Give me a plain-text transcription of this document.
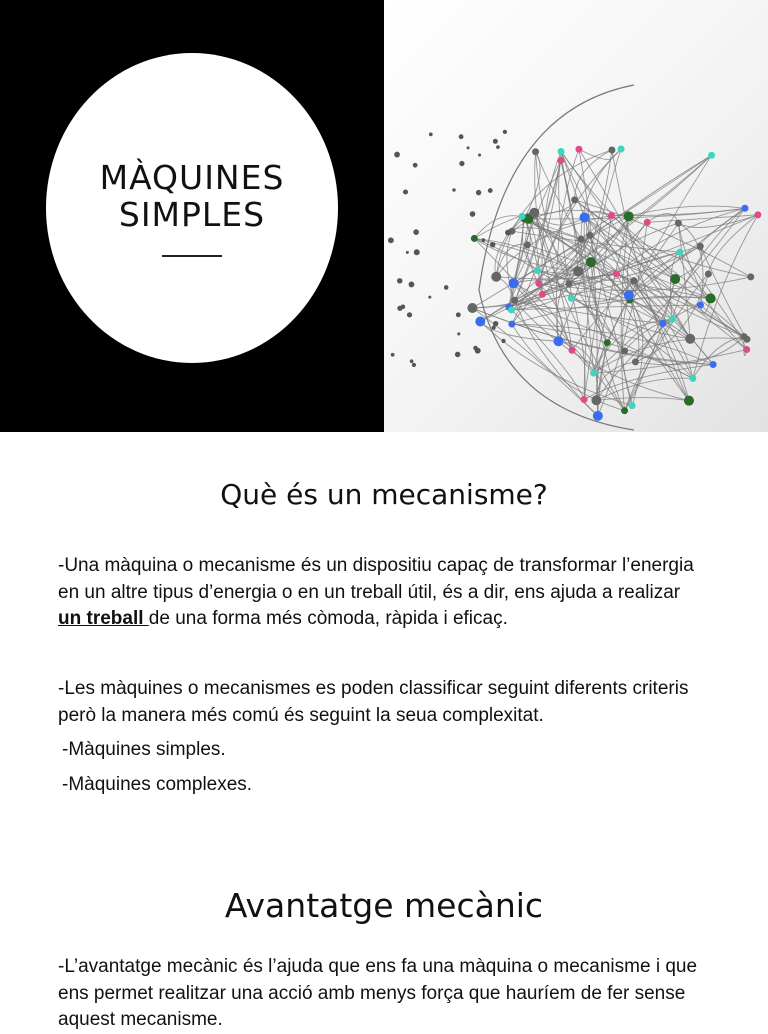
MÀQUINES
SIMPLES
Què és un mecanisme?

-Una màquina o mecanisme és un dispositiu capaç de transformar l’energia en un altre tipus d’energia o en un treball útil, és a dir, ens ajuda a realizar un treball de una forma més còmoda, ràpida i eficaç.

-Les màquines o mecanismes es poden classificar seguint diferents criteris però la manera més comú és seguint la seua complexitat.

-Màquines simples.

-Màquines complexes.

Avantatge mecànic

-L’avantatge mecànic és l’ajuda que ens fa una màquina o mecanisme i que ens permet realitzar una acció amb menys força que hauríem de fer sense aquest mecanisme.
